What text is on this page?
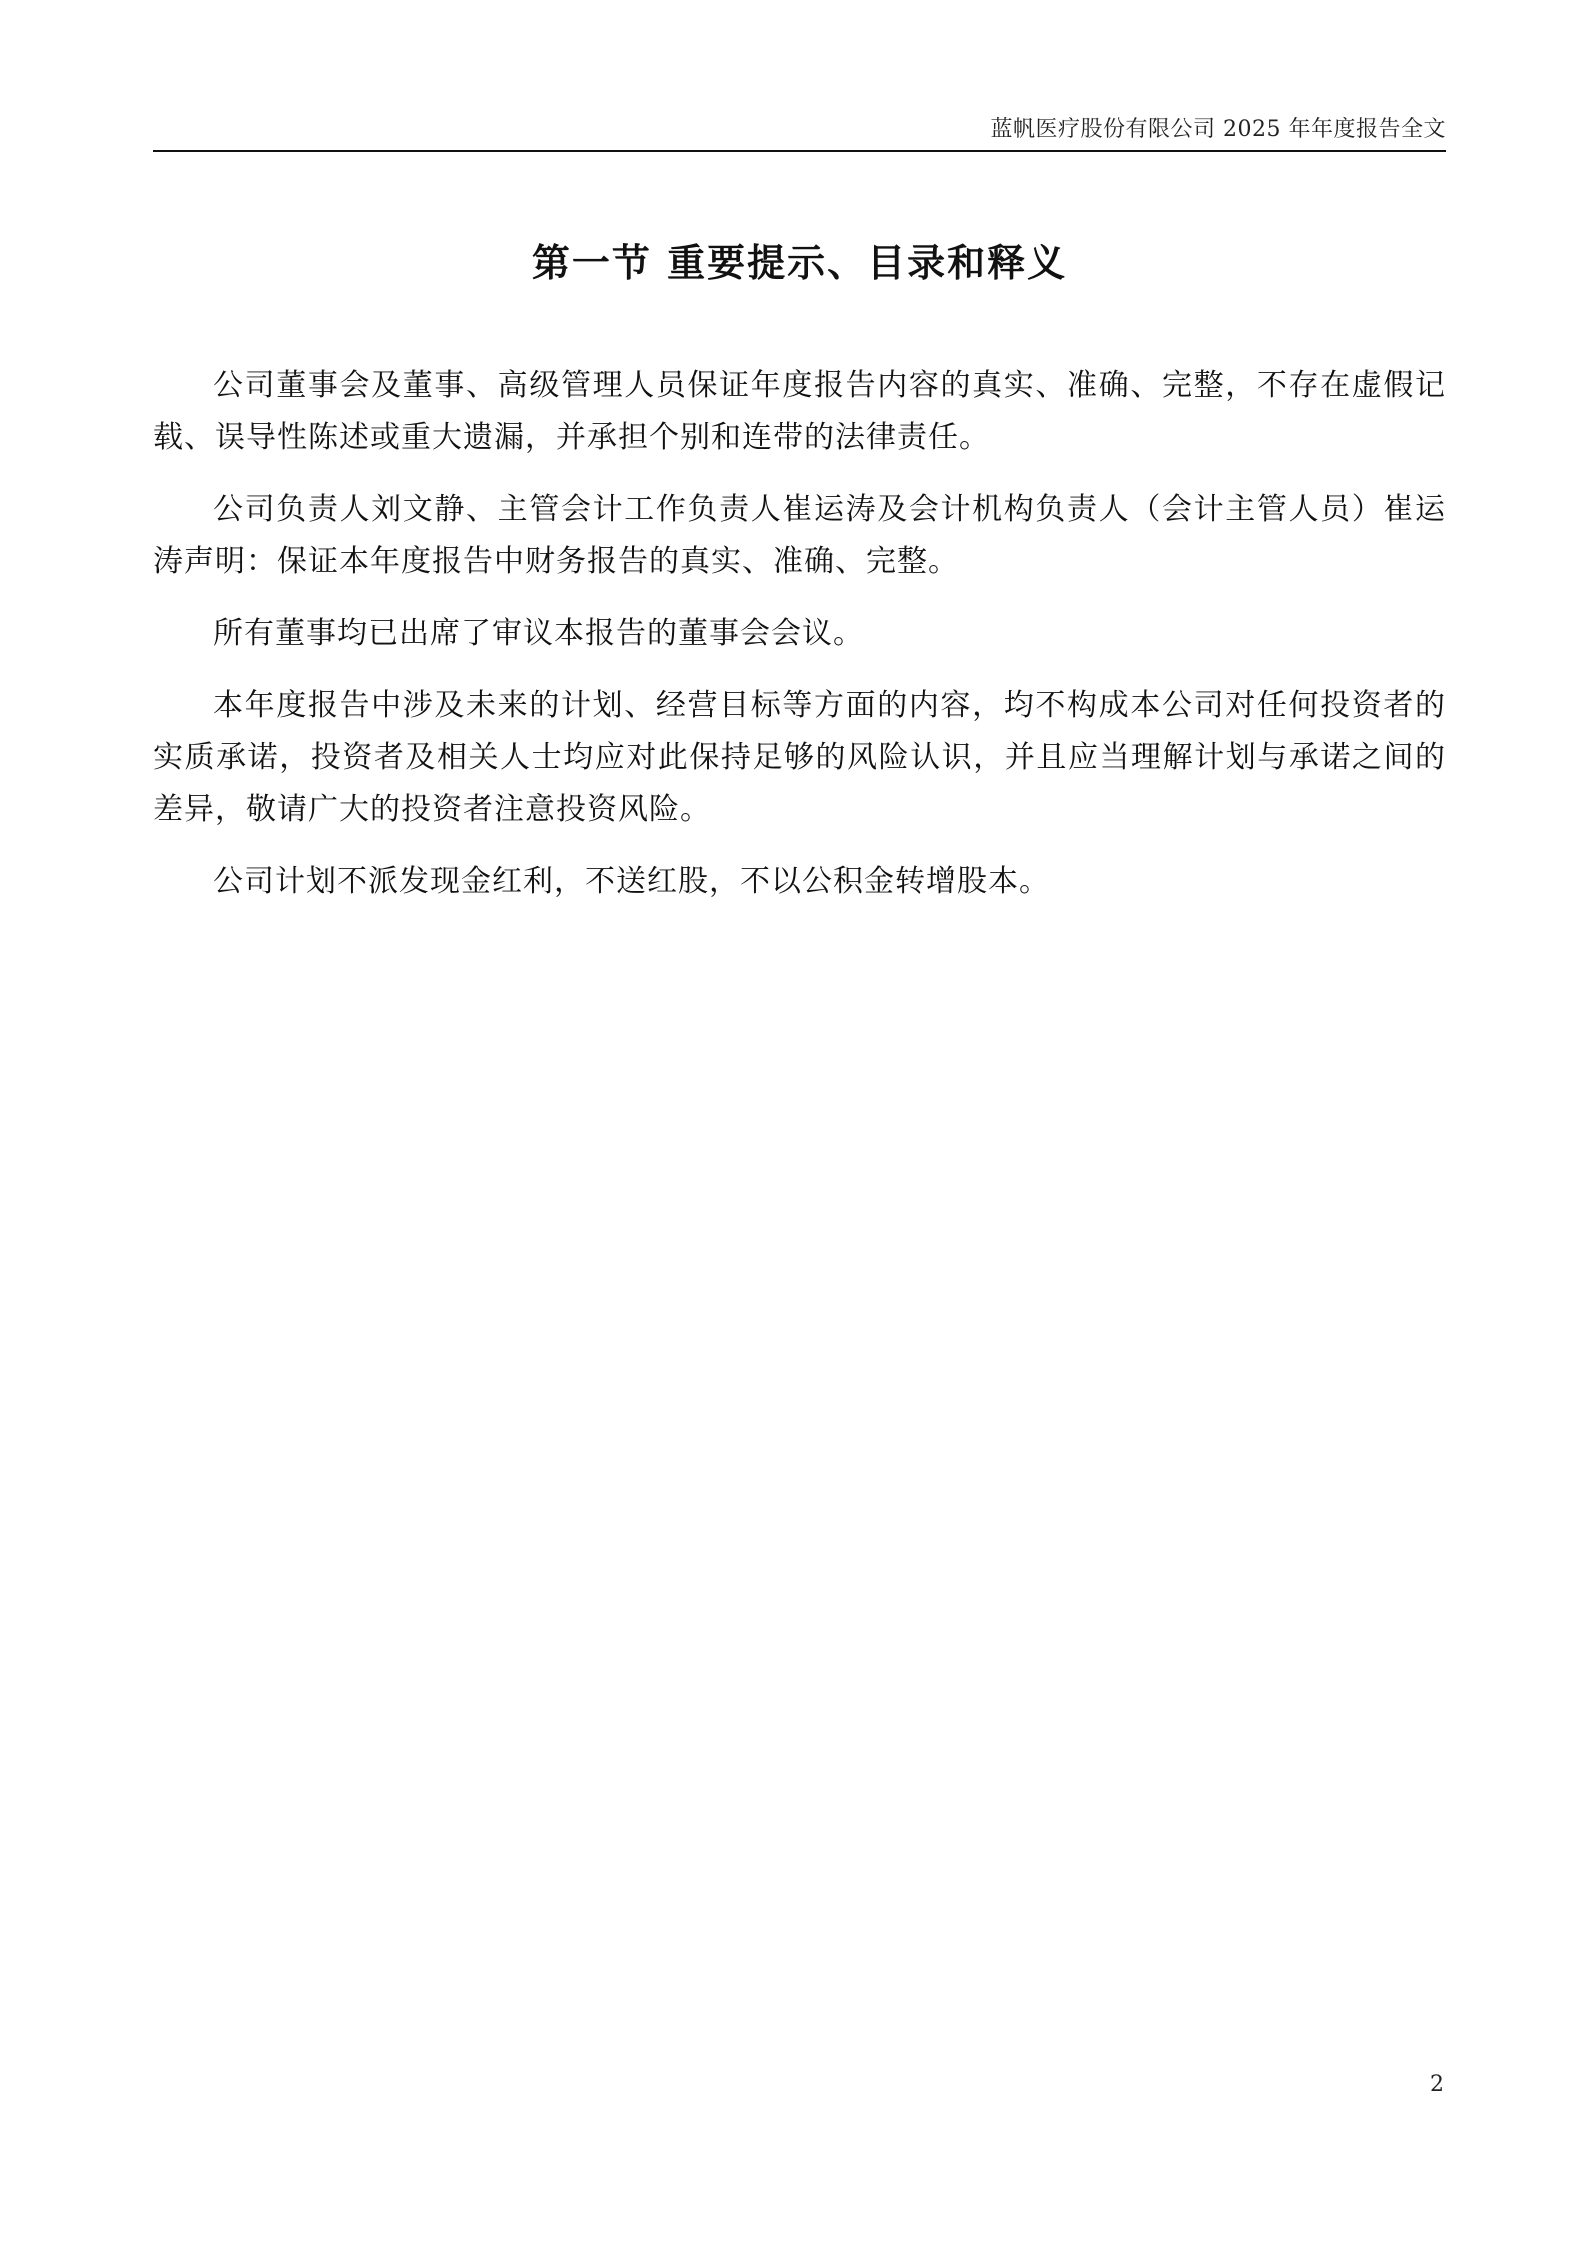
蓝帆医疗股份有限公司 2025 年年度报告全文
第一节 重要提示、目录和释义

公司董事会及董事、高级管理人员保证年度报告内容的真实、准确、完整，不存在虚假记载、误导性陈述或重大遗漏，并承担个别和连带的法律责任。

公司负责人刘文静、主管会计工作负责人崔运涛及会计机构负责人（会计主管人员）崔运涛声明：保证本年度报告中财务报告的真实、准确、完整。

所有董事均已出席了审议本报告的董事会会议。

本年度报告中涉及未来的计划、经营目标等方面的内容，均不构成本公司对任何投资者的实质承诺，投资者及相关人士均应对此保持足够的风险认识，并且应当理解计划与承诺之间的差异，敬请广大的投资者注意投资风险。

公司计划不派发现金红利，不送红股，不以公积金转增股本。

2
